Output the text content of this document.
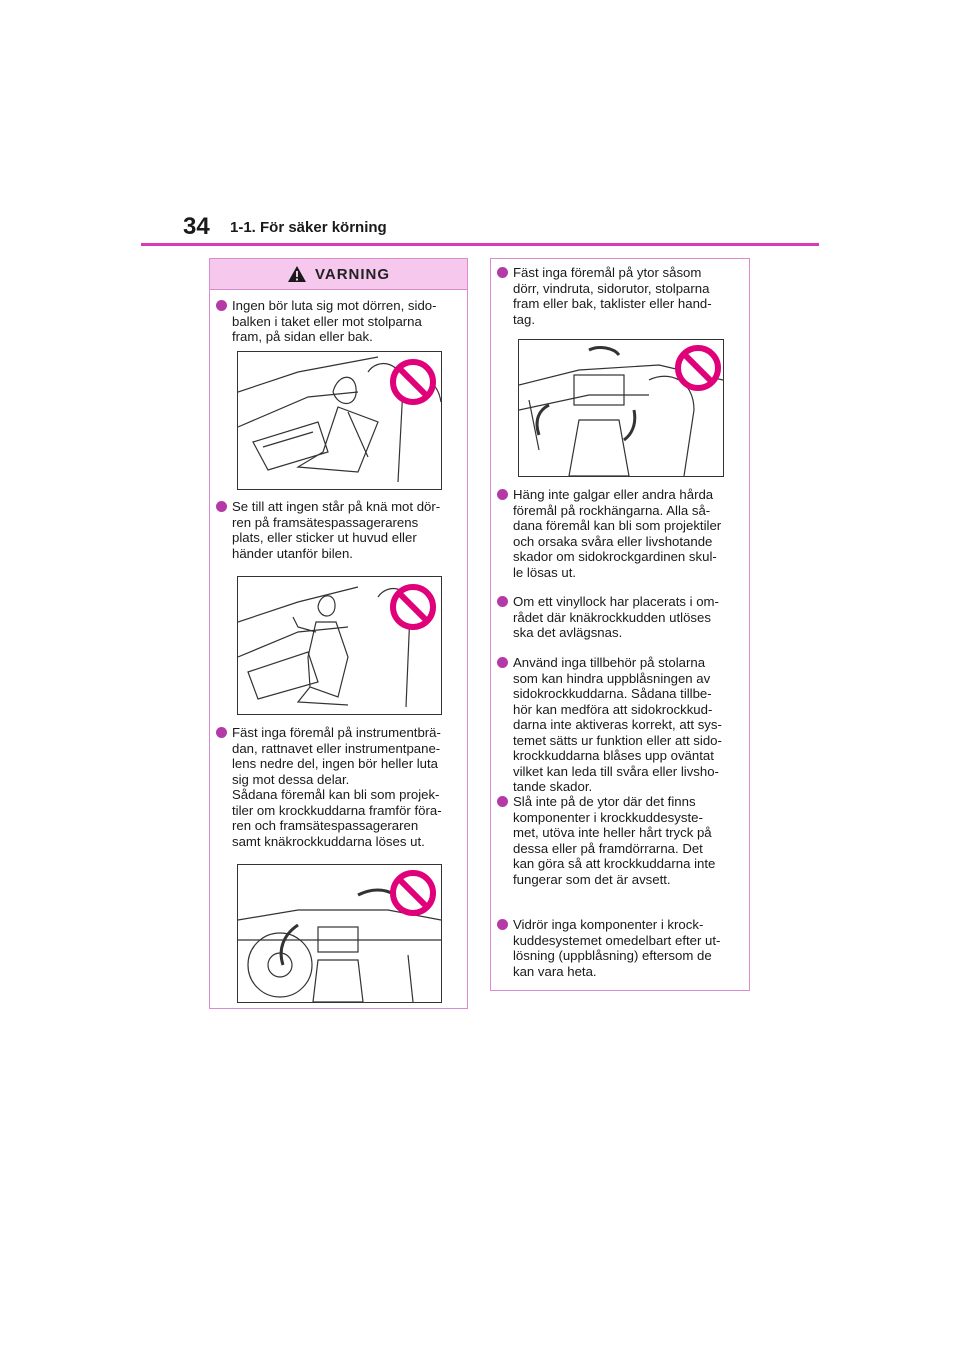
34 1-1. För säker körning
VARNING
Ingen bör luta sig mot dörren, sido-
balken i taket eller mot stolparna
fram, på sidan eller bak.
Se till att ingen står på knä mot dör-
ren på framsätespassagerarens
plats, eller sticker ut huvud eller
händer utanför bilen.
Fäst inga föremål på instrumentbrä-
dan, rattnavet eller instrumentpane-
lens nedre del, ingen bör heller luta
sig mot dessa delar.
Sådana föremål kan bli som projek-
tiler om krockkuddarna framför föra-
ren och framsätespassageraren
samt knäkrockkuddarna löses ut.
Fäst inga föremål på ytor såsom
dörr, vindruta, sidorutor, stolparna
fram eller bak, taklister eller hand-
tag.
Häng inte galgar eller andra hårda
föremål på rockhängarna. Alla så-
dana föremål kan bli som projektiler
och orsaka svåra eller livshotande
skador om sidokrockgardinen skul-
le lösas ut.
Om ett vinyllock har placerats i om-
rådet där knäkrockkudden utlöses
ska det avlägsnas.
Använd inga tillbehör på stolarna
som kan hindra uppblåsningen av
sidokrockkuddarna. Sådana tillbe-
hör kan medföra att sidokrockkud-
darna inte aktiveras korrekt, att sys-
temet sätts ur funktion eller att sido-
krockkuddarna blåses upp oväntat
vilket kan leda till svåra eller livsho-
tande skador.
Slå inte på de ytor där det finns
komponenter i krockkuddesyste-
met, utöva inte heller hårt tryck på
dessa eller på framdörrarna. Det
kan göra så att krockkuddarna inte
fungerar som det är avsett.
Vidrör inga komponenter i krock-
kuddesystemet omedelbart efter ut-
lösning (uppblåsning) eftersom de
kan vara heta.
